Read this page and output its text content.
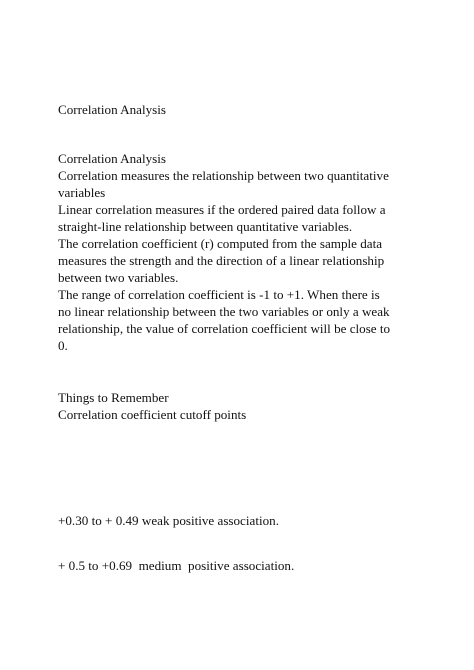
Correlation Analysis
Correlation Analysis
Correlation measures the relationship between two quantitative
variables
Linear correlation measures if the ordered paired data follow a
straight-line relationship between quantitative variables.
The correlation coefficient (r) computed from the sample data
measures the strength and the direction of a linear relationship
between two variables.
The range of correlation coefficient is -1 to +1. When there is
no linear relationship between the two variables or only a weak
relationship, the value of correlation coefficient will be close to
0.
Things to Remember
Correlation coefficient cutoff points
+0.30 to + 0.49 weak positive association.
+ 0.5 to +0.69  medium  positive association.
